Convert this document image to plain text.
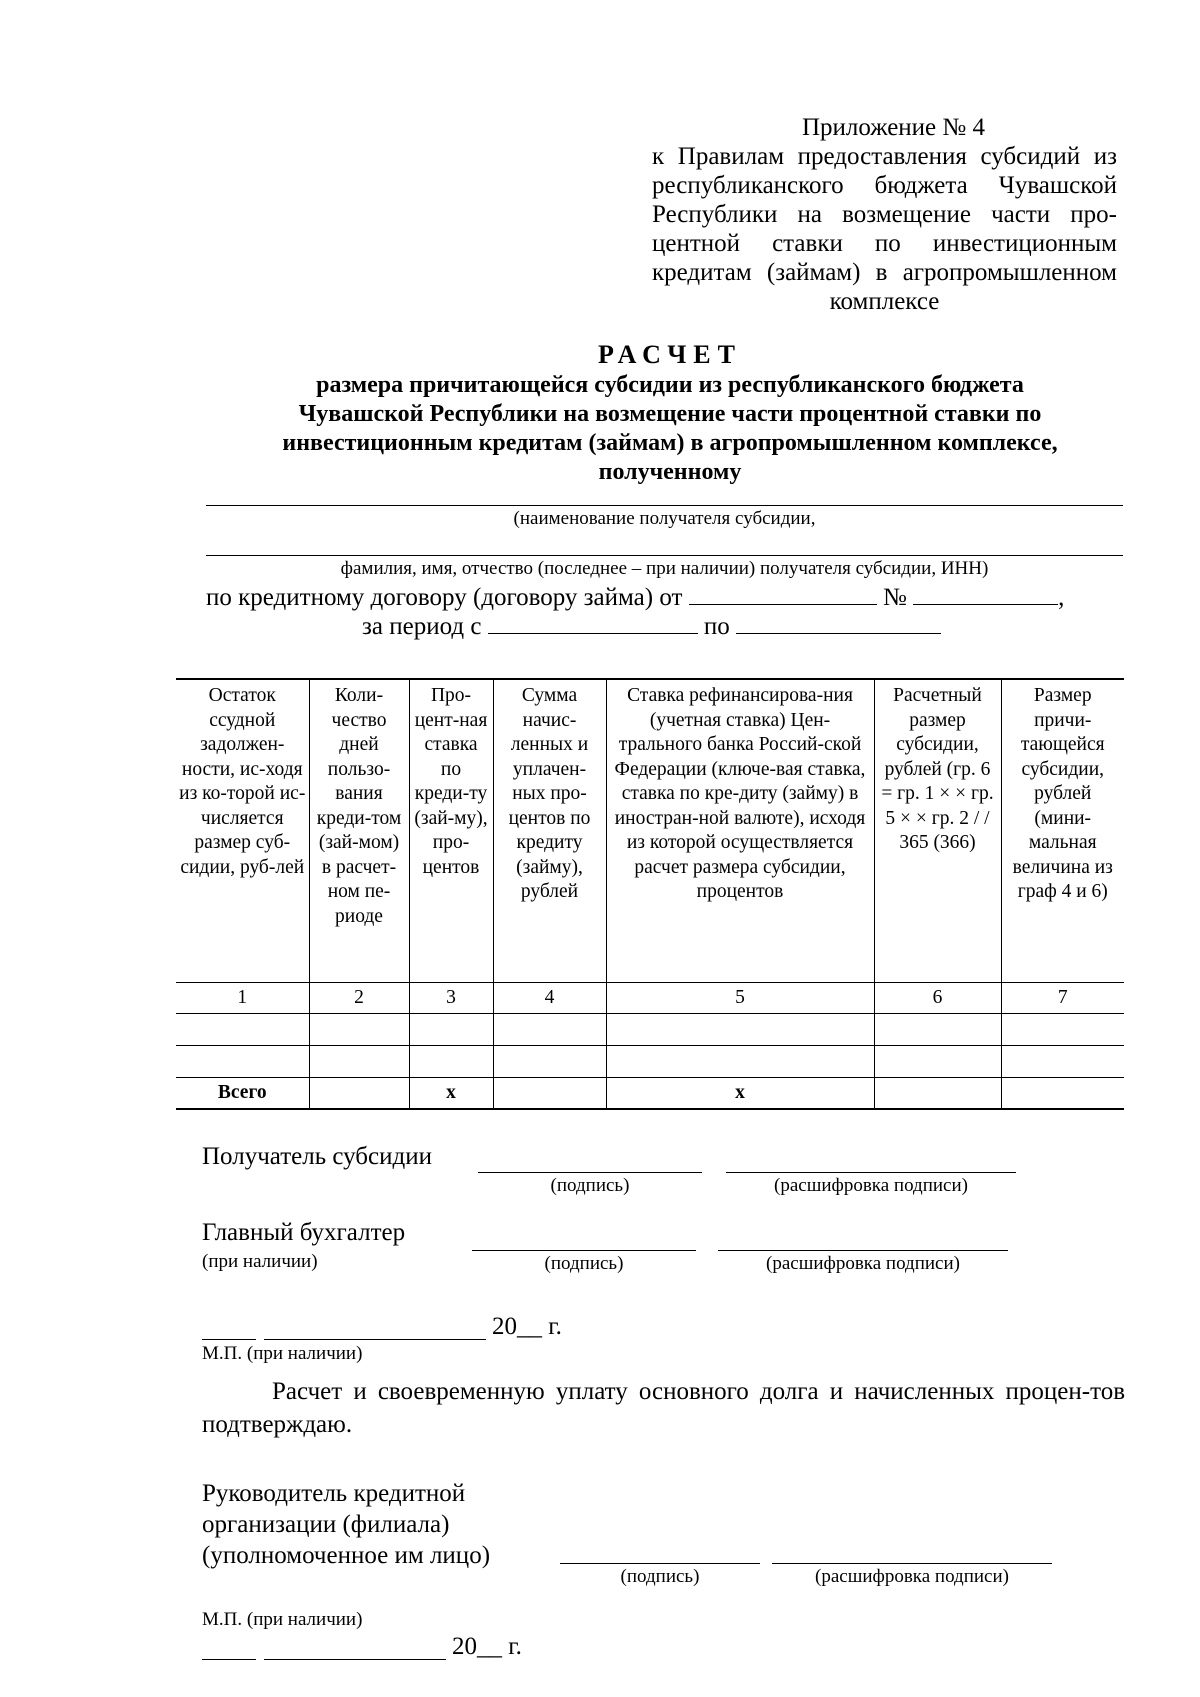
Приложение № 4
к Правилам предоставления субсидий из
республиканского бюджета Чувашской
Республики на возмещение части про-
центной ставки по инвестиционным
кредитам (займам) в агропромышленном
комплексе
РАСЧЕТ
размера причитающейся субсидии из республиканского бюджета
Чувашской Республики на возмещение части процентной ставки по
инвестиционным кредитам (займам) в агропромышленном комплексе,
полученному
(наименование получателя субсидии,
фамилия, имя, отчество (последнее – при наличии) получателя субсидии, ИНН)
по кредитному договору (договору займа) от	№	,
за период с	по
Остаток ссудной задолжен-ности, ис-ходя из ко-торой ис-числяется размер суб-сидии, руб-лей	Коли-чество дней пользо-вания креди-том (зай-мом) в расчет-ном пе-риоде	Про-цент-ная ставка по креди-ту (зай-му), про-центов	Сумма начис-ленных и уплачен-ных про-центов по кредиту (займу), рублей	Ставка рефинансирова-ния (учетная ставка) Цен-трального банка Россий-ской Федерации (ключе-вая ставка, ставка по кре-диту (займу) в иностран-ной валюте), исходя из которой осуществляется расчет размера субсидии, процентов	Расчетный размер субсидии, рублей (гр. 6 = гр. 1 × × гр. 5 × × гр. 2 / / 365 (366)	Размер причи-тающейся субсидии, рублей (мини-мальная величина из граф 4 и 6)
1	2	3	4	5	6	7

Всего		х		х		
Получатель субсидии
(подпись)	(расшифровка подписи)
Главный бухгалтер
(при наличии)	(подпись)	(расшифровка подписи)
20__ г.
М.П. (при наличии)
Расчет и своевременную уплату основного долга и начисленных процен-тов подтверждаю.
Руководитель кредитной
организации (филиала)
(уполномоченное им лицо)
(подпись)	(расшифровка подписи)
М.П. (при наличии)
20__ г.
